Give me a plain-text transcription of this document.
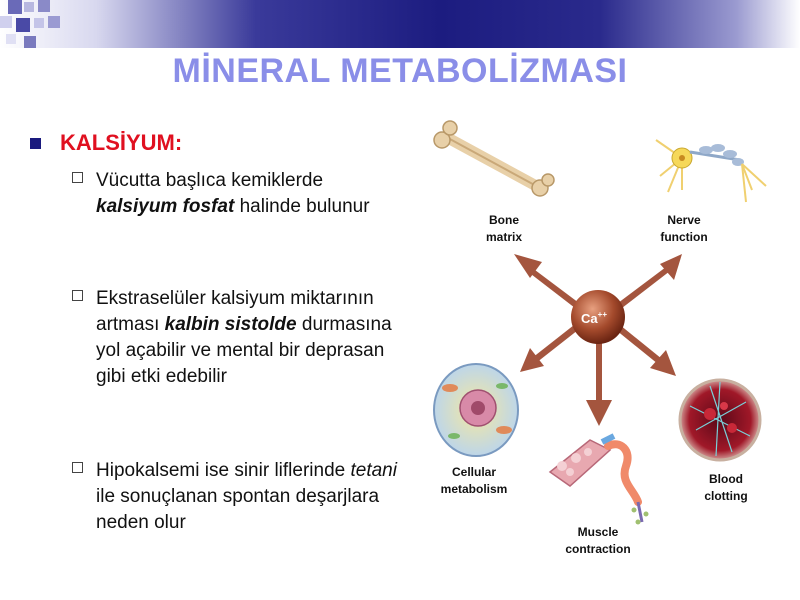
MİNERAL METABOLİZMASI
KALSİYUM:
Vücutta başlıca kemiklerde kalsiyum fosfat halinde bulunur
Ekstraselüler kalsiyum miktarının artması kalbin sistolde durmasına yol açabilir ve mental bir deprasan gibi etki edebilir
Hipokalsemi ise sinir liflerinde tetani ile sonuçlanan spontan deşarjlara neden olur
Ca++
Bone
matrix
Nerve
function
Cellular
metabolism
Muscle
contraction
Blood
clotting
